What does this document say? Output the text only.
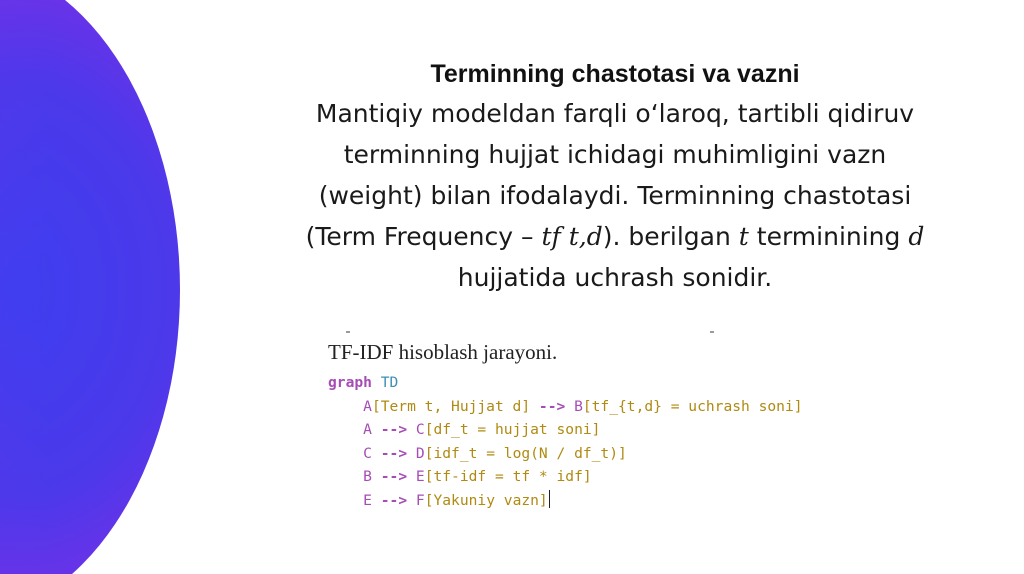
Terminning chastotasi va vazni
Mantiqiy modeldan farqli o‘laroq, tartibli qidiruv
terminning hujjat ichidagi muhimligini vazn
(weight) bilan ifodalaydi. Terminning chastotasi
(Term Frequency – tf t,d). berilgan t terminining d
hujjatida uchrash sonidir.
TF-IDF hisoblash jarayoni.
graph TD
A[Term t, Hujjat d] --> B[tf_{t,d} = uchrash soni]
A --> C[df_t = hujjat soni]
C --> D[idf_t = log(N / df_t)]
B --> E[tf-idf = tf * idf]
E --> F[Yakuniy vazn]
